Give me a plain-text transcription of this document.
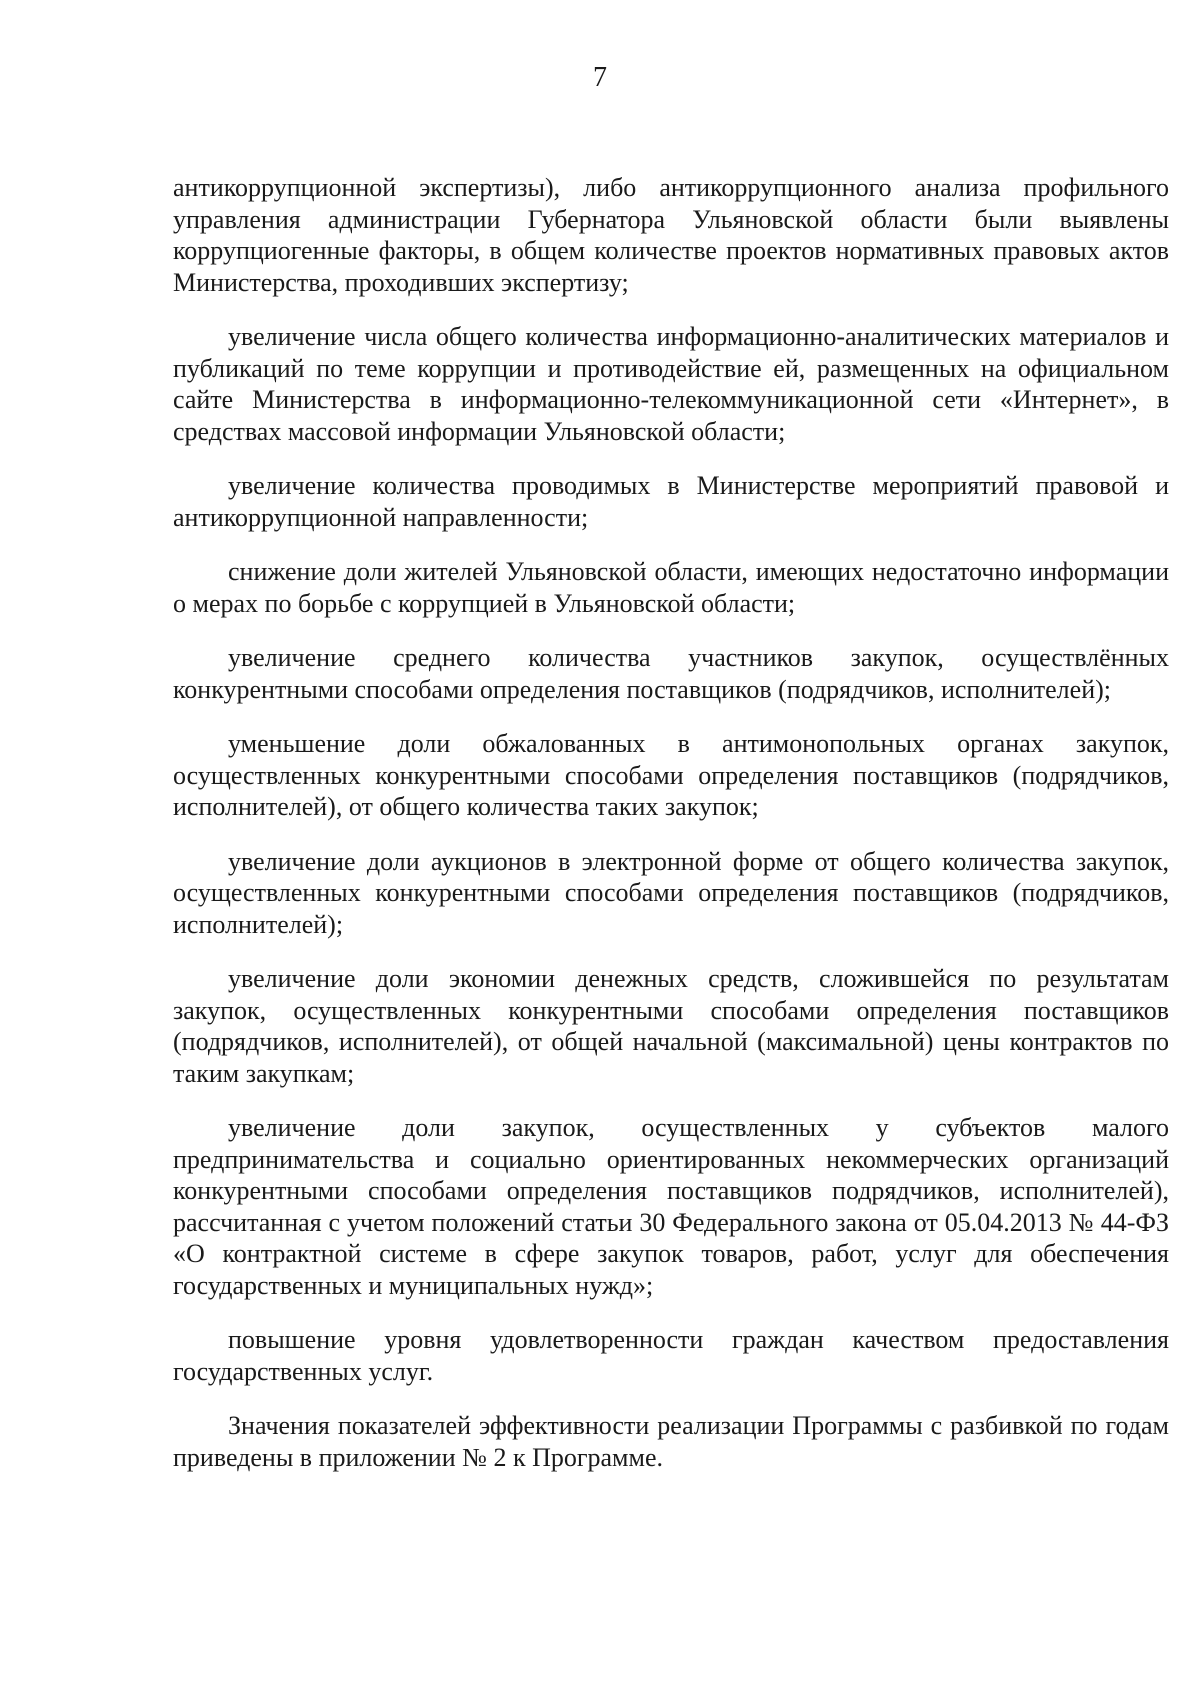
7

антикоррупционной экспертизы), либо антикоррупционного анализа профильного управления администрации Губернатора Ульяновской области были выявлены коррупциогенные факторы, в общем количестве проектов нормативных правовых актов Министерства, проходивших экспертизу;

увеличение числа общего количества информационно-аналитических материалов и публикаций по теме коррупции и противодействие ей, размещенных на официальном сайте Министерства в информационно-телекоммуникационной сети «Интернет», в средствах массовой информации Ульяновской области;

увеличение количества проводимых в Министерстве мероприятий правовой и антикоррупционной направленности;

снижение доли жителей Ульяновской области, имеющих недостаточно информации о мерах по борьбе с коррупцией в Ульяновской области;

увеличение среднего количества участников закупок, осуществлённых конкурентными способами определения поставщиков (подрядчиков, исполнителей);

уменьшение доли обжалованных в антимонопольных органах закупок, осуществленных конкурентными способами определения поставщиков (подрядчиков, исполнителей), от общего количества таких закупок;

увеличение доли аукционов в электронной форме от общего количества закупок, осуществленных конкурентными способами определения поставщиков (подрядчиков, исполнителей);

увеличение доли экономии денежных средств, сложившейся по результатам закупок, осуществленных конкурентными способами определения поставщиков (подрядчиков, исполнителей), от общей начальной (максимальной) цены контрактов по таким закупкам;

увеличение доли закупок, осуществленных у субъектов малого предпринимательства и социально ориентированных некоммерческих организаций конкурентными способами определения поставщиков подрядчиков, исполнителей), рассчитанная с учетом положений статьи 30 Федерального закона от 05.04.2013 № 44-ФЗ «О контрактной системе в сфере закупок товаров, работ, услуг для обеспечения государственных и муниципальных нужд»;

повышение уровня удовлетворенности граждан качеством предоставления государственных услуг.

Значения показателей эффективности реализации Программы с разбивкой по годам приведены в приложении № 2 к Программе.
